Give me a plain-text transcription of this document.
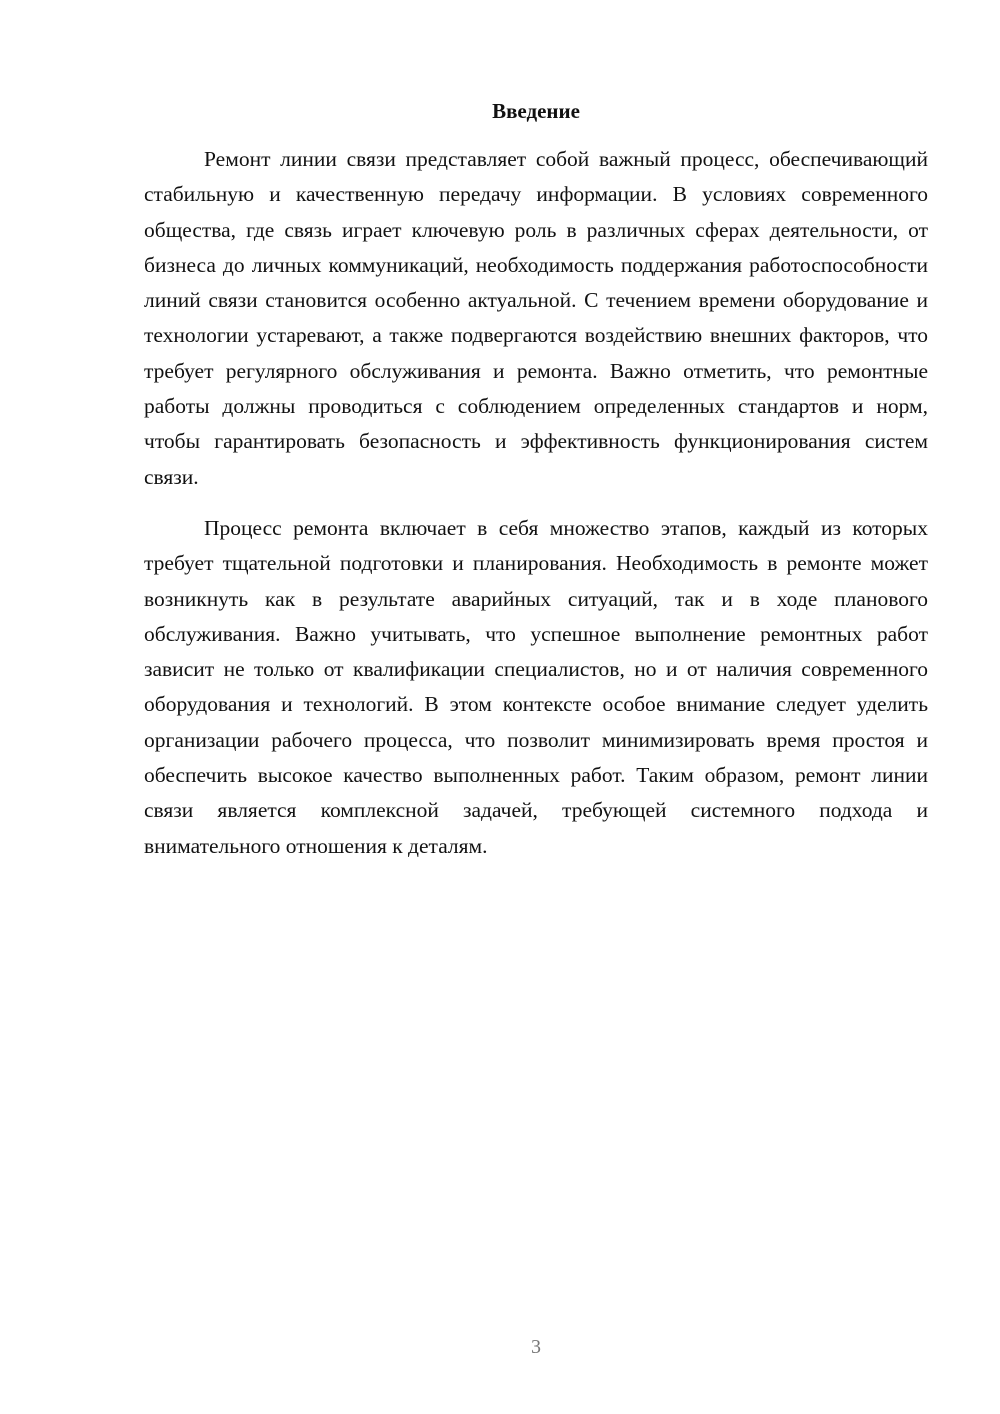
Введение

Ремонт линии связи представляет собой важный процесс, обеспечивающий стабильную и качественную передачу информации. В условиях современного общества, где связь играет ключевую роль в различных сферах деятельности, от бизнеса до личных коммуникаций, необходимость поддержания работоспособности линий связи становится особенно актуальной. С течением времени оборудование и технологии устаревают, а также подвергаются воздействию внешних факторов, что требует регулярного обслуживания и ремонта. Важно отметить, что ремонтные работы должны проводиться с соблюдением определенных стандартов и норм, чтобы гарантировать безопасность и эффективность функционирования систем связи.

Процесс ремонта включает в себя множество этапов, каждый из которых требует тщательной подготовки и планирования. Необходимость в ремонте может возникнуть как в результате аварийных ситуаций, так и в ходе планового обслуживания. Важно учитывать, что успешное выполнение ремонтных работ зависит не только от квалификации специалистов, но и от наличия современного оборудования и технологий. В этом контексте особое внимание следует уделить организации рабочего процесса, что позволит минимизировать время простоя и обеспечить высокое качество выполненных работ. Таким образом, ремонт линии связи является комплексной задачей, требующей системного подхода и внимательного отношения к деталям.

3
